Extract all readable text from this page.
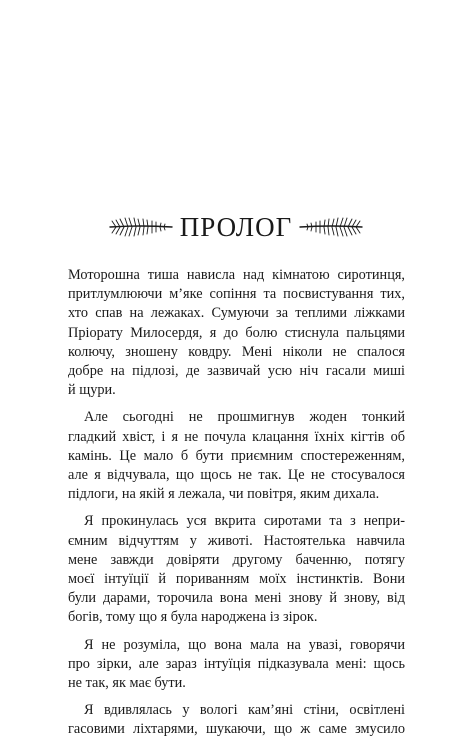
ПРОЛОГ
Моторошна тиша нависла над кімнатою сиротинця,
притлумлюючи м’яке сопіння та посвистування тих,
хто спав на лежаках. Сумуючи за теплими ліжками
Пріорату Милосердя, я до болю стиснула пальцями
колючу, зношену ковдру. Мені ніколи не спалося
добре на підлозі, де зазвичай усю ніч гасали миші
й щури.
Але сьогодні не прошмигнув жоден тонкий
гладкий хвіст, і я не почула клацання їхніх кігтів об
камінь. Це мало б бути приємним спостереженням,
але я відчувала, що щось не так. Це не стосувалося
підлоги, на якій я лежала, чи повітря, яким дихала.
Я прокинулась уся вкрита сиротами та з непри-
ємним відчуттям у животі. Настоятелька навчила
мене завжди довіряти другому баченню, потягу
моєї інтуїції й пориванням моїх інстинктів. Вони
були дарами, торочила вона мені знову й знову, від
богів, тому що я була народжена із зірок.
Я не розуміла, що вона мала на увазі, говорячи
про зірки, але зараз інтуїція підказувала мені: щось
не так, як має бути.
Я вдивлялась у вологі кам’яні стіни, освітлені
гасовими ліхтарями, шукаючи, що ж саме змусило
